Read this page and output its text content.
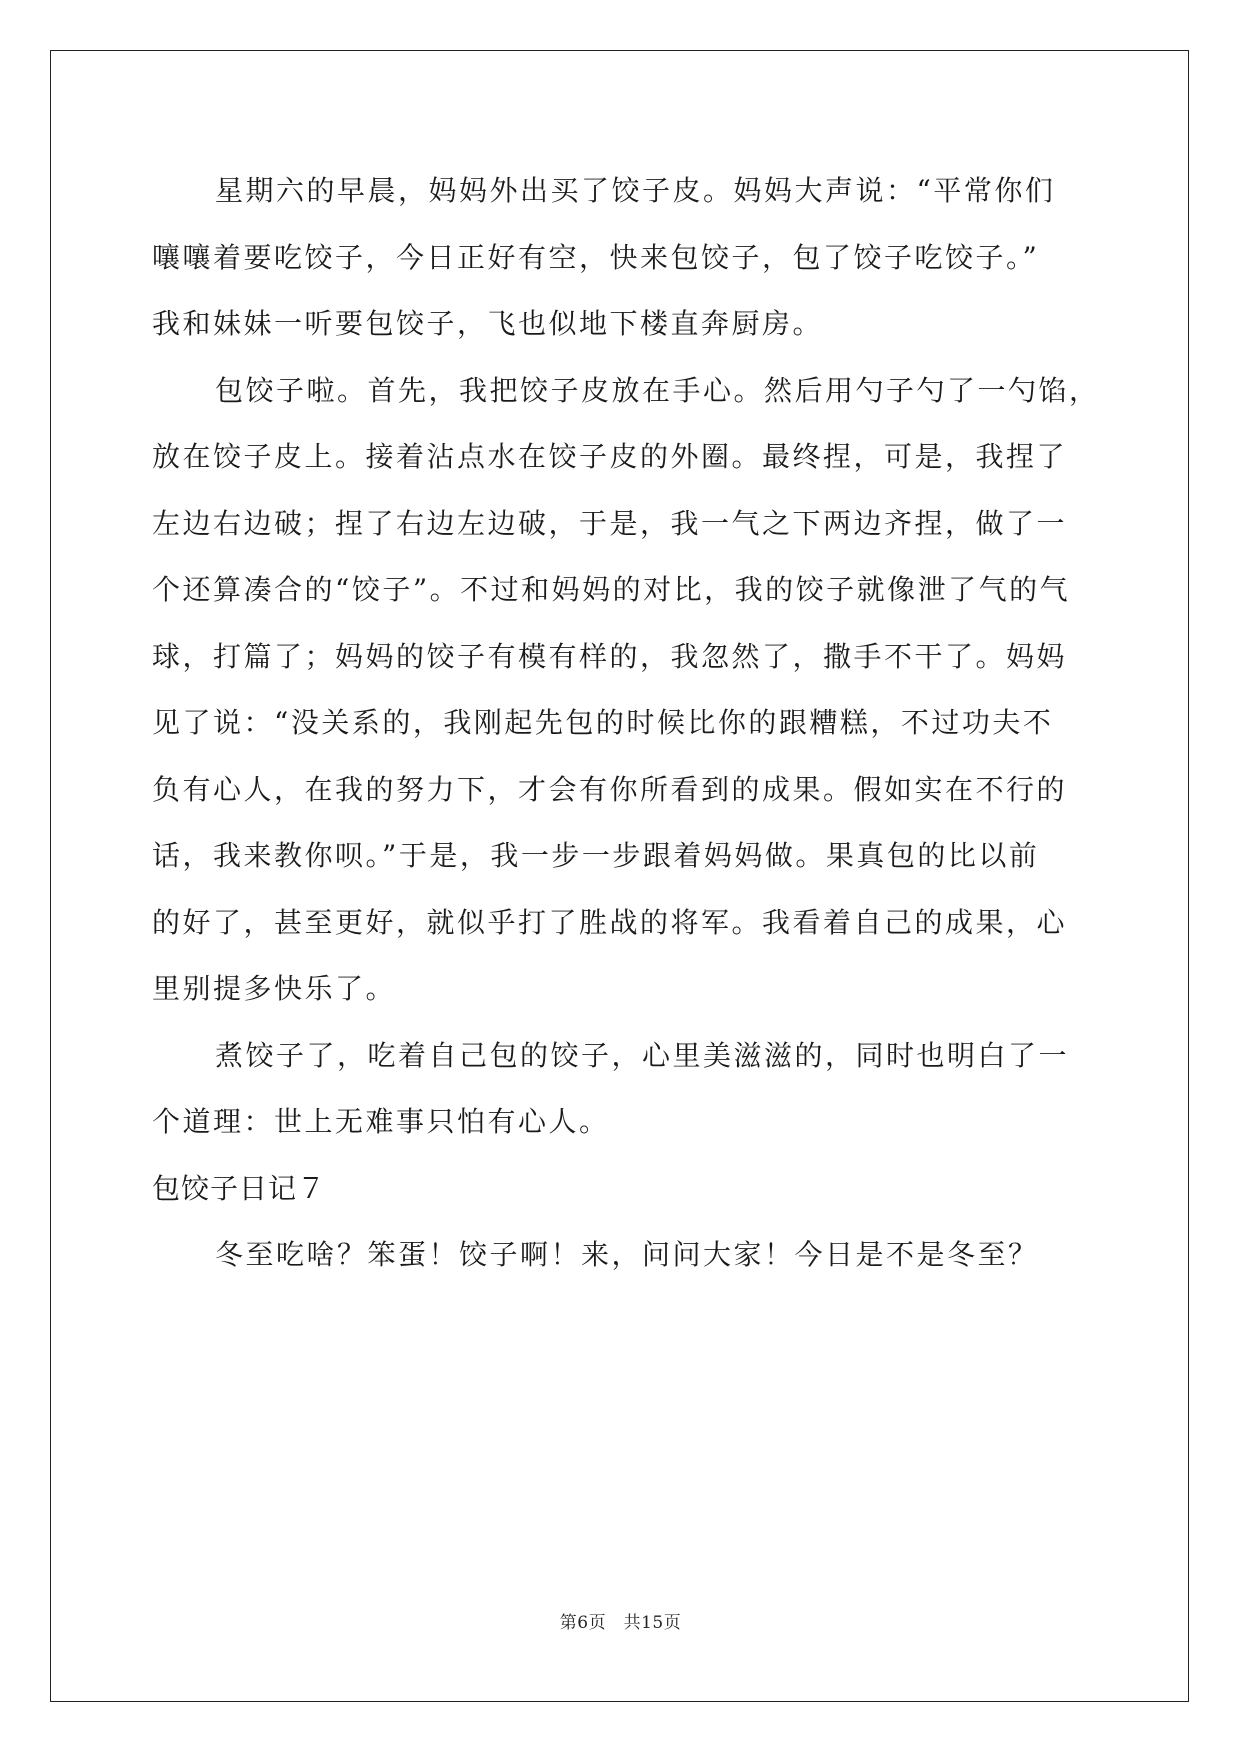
星期六的早晨，妈妈外出买了饺子皮。妈妈大声说：“平常你们
嚷嚷着要吃饺子，今日正好有空，快来包饺子，包了饺子吃饺子。”
我和妹妹一听要包饺子，飞也似地下楼直奔厨房。
包饺子啦。首先，我把饺子皮放在手心。然后用勺子勺了一勺馅，
放在饺子皮上。接着沾点水在饺子皮的外圈。最终捏，可是，我捏了
左边右边破；捏了右边左边破，于是，我一气之下两边齐捏，做了一
个还算凑合的“饺子”。不过和妈妈的对比，我的饺子就像泄了气的气
球，打篇了；妈妈的饺子有模有样的，我忽然了，撒手不干了。妈妈
见了说：“没关系的，我刚起先包的时候比你的跟糟糕，不过功夫不
负有心人，在我的努力下，才会有你所看到的成果。假如实在不行的
话，我来教你呗。”于是，我一步一步跟着妈妈做。果真包的比以前
的好了，甚至更好，就似乎打了胜战的将军。我看着自己的成果，心
里别提多快乐了。
煮饺子了，吃着自己包的饺子，心里美滋滋的，同时也明白了一
个道理：世上无难事只怕有心人。
包饺子日记７
冬至吃啥？笨蛋！饺子啊！来，问问大家！今日是不是冬至？
第6页　共15页
